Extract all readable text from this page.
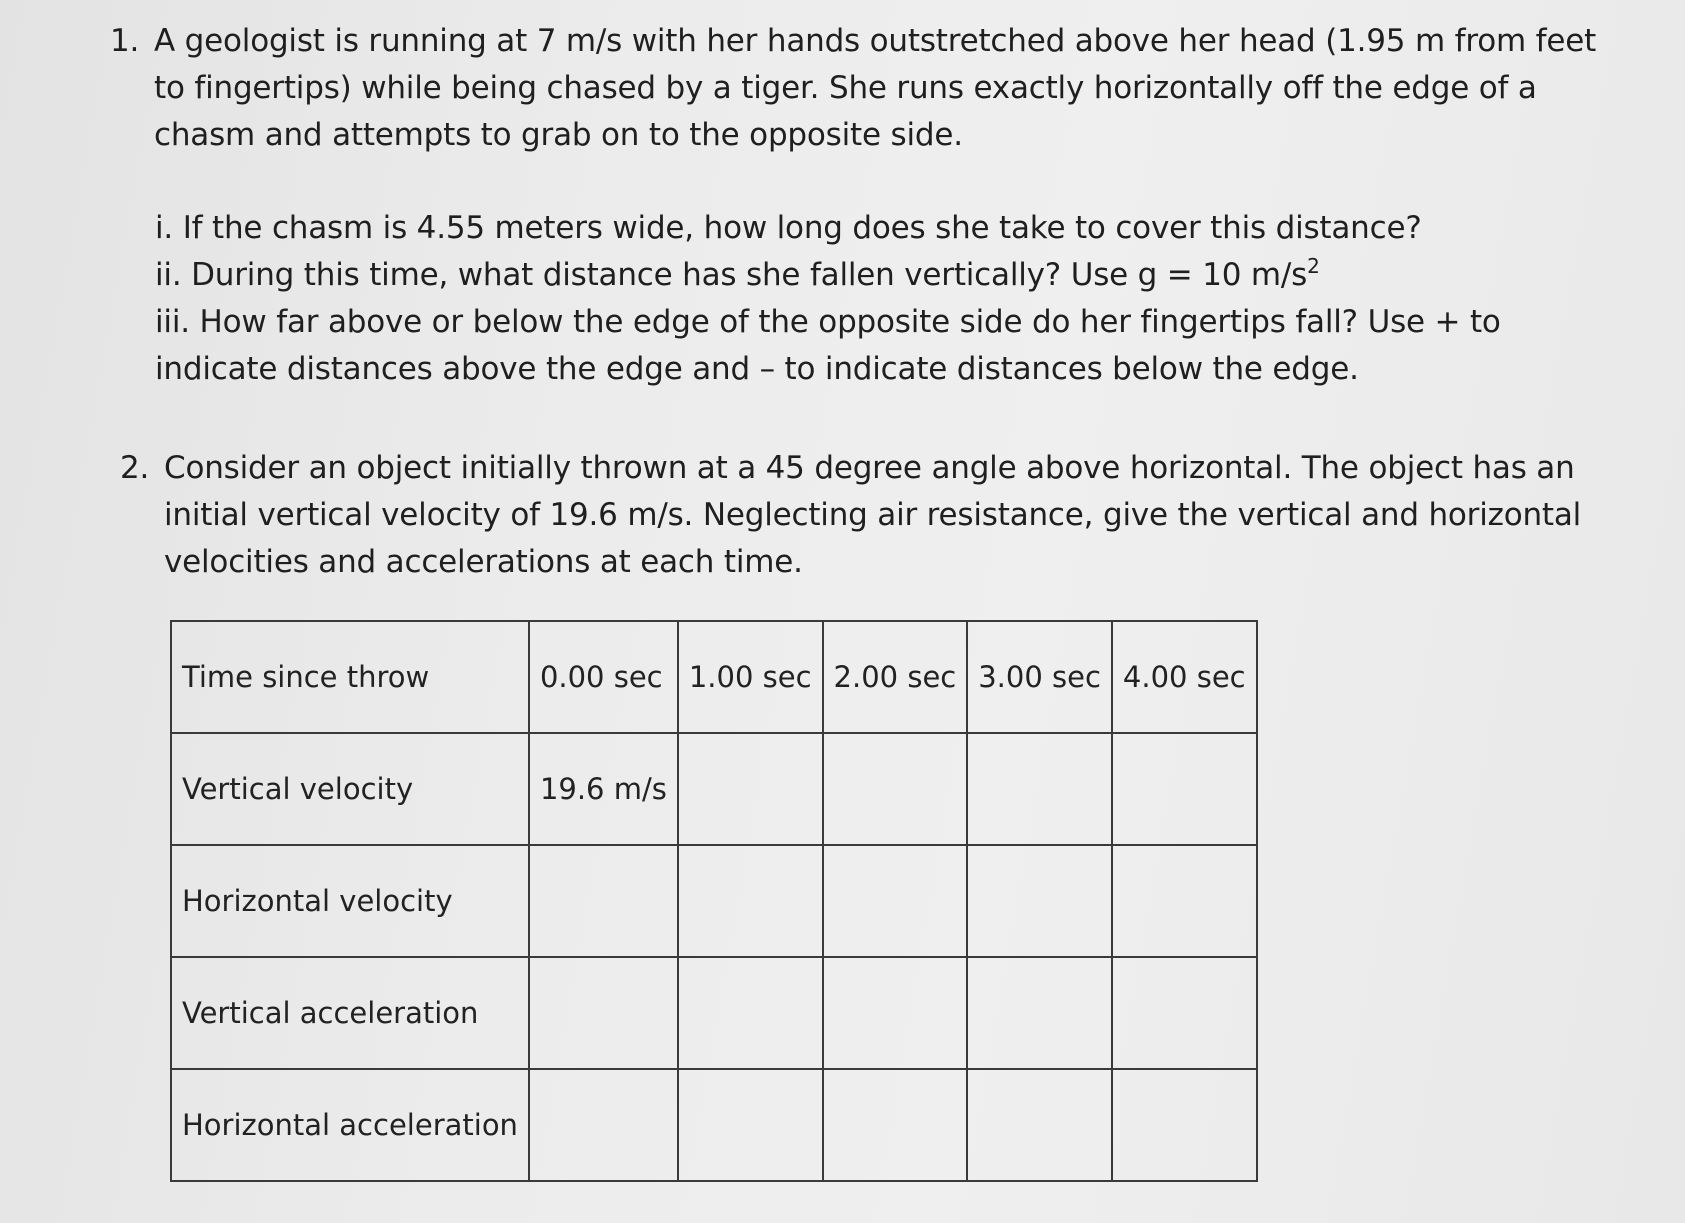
1. A geologist is running at 7 m/s with her hands outstretched above her head (1.95 m from feet to fingertips) while being chased by a tiger. She runs exactly horizontally off the edge of a chasm and attempts to grab on to the opposite side.
i. If the chasm is 4.55 meters wide, how long does she take to cover this distance?
ii. During this time, what distance has she fallen vertically? Use g = 10 $m/s^2$
iii. How far above or below the edge of the opposite side do her fingertips fall? Use + to indicate distances above the edge and – to indicate distances below the edge.
2. Consider an object initially thrown at a 45 degree angle above horizontal. The object has an initial vertical velocity of 19.6 m/s. Neglecting air resistance, give the vertical and horizontal velocities and accelerations at each time.
Time since throw	0.00 sec	1.00 sec	2.00 sec	3.00 sec	4.00 sec
Vertical velocity	19.6 m/s				
Horizontal velocity					
Vertical acceleration					
Horizontal acceleration					
